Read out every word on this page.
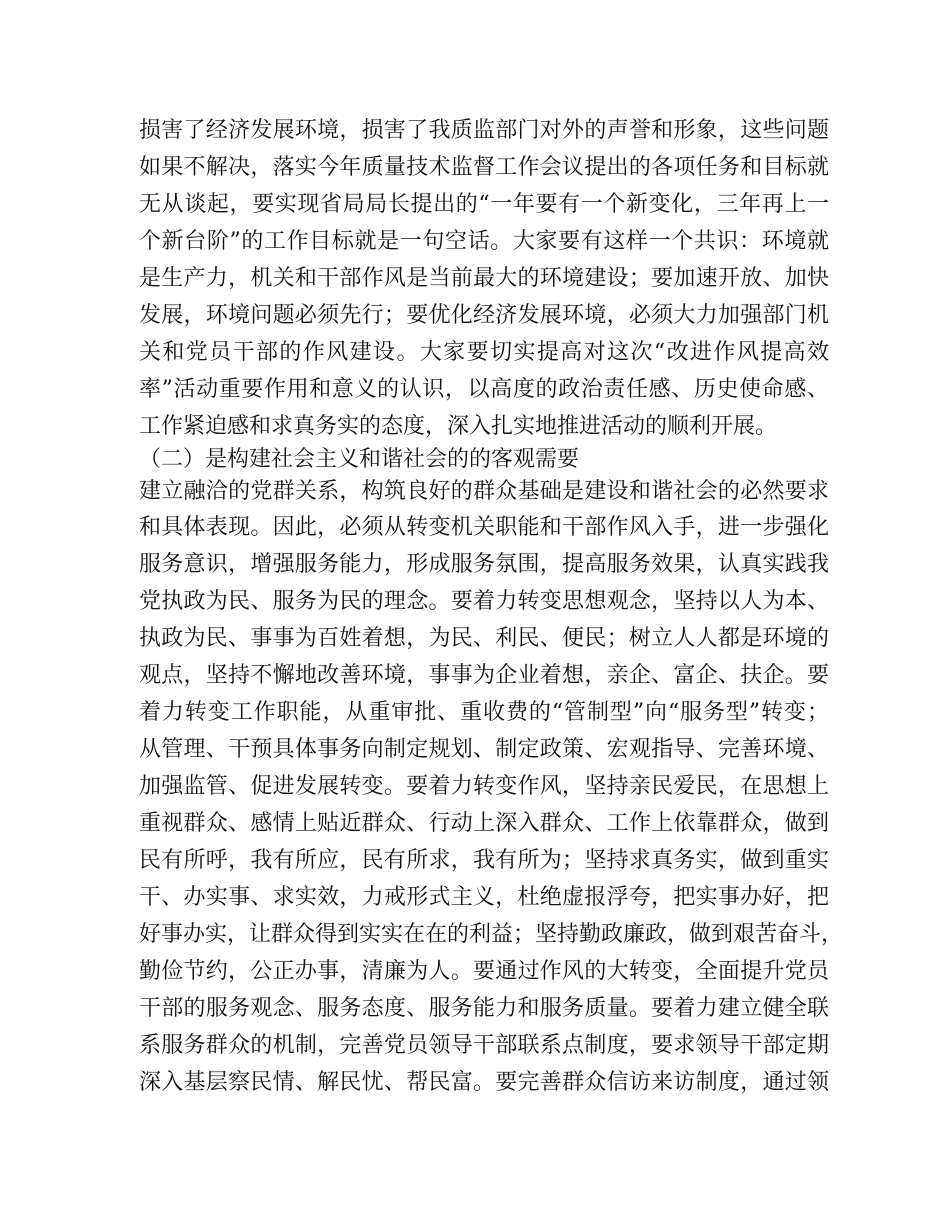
损害了经济发展环境，损害了我质监部门对外的声誉和形象，这些问题
如果不解决，落实今年质量技术监督工作会议提出的各项任务和目标就
无从谈起，要实现省局局长提出的“一年要有一个新变化，三年再上一
个新台阶”的工作目标就是一句空话。大家要有这样一个共识：环境就
是生产力，机关和干部作风是当前最大的环境建设；要加速开放、加快
发展，环境问题必须先行；要优化经济发展环境，必须大力加强部门机
关和党员干部的作风建设。大家要切实提高对这次“改进作风提高效
率”活动重要作用和意义的认识，以高度的政治责任感、历史使命感、
工作紧迫感和求真务实的态度，深入扎实地推进活动的顺利开展。
（二）是构建社会主义和谐社会的的客观需要
建立融洽的党群关系，构筑良好的群众基础是建设和谐社会的必然要求
和具体表现。因此，必须从转变机关职能和干部作风入手，进一步强化
服务意识，增强服务能力，形成服务氛围，提高服务效果，认真实践我
党执政为民、服务为民的理念。要着力转变思想观念，坚持以人为本、
执政为民、事事为百姓着想，为民、利民、便民；树立人人都是环境的
观点，坚持不懈地改善环境，事事为企业着想，亲企、富企、扶企。要
着力转变工作职能，从重审批、重收费的“管制型”向“服务型”转变；
从管理、干预具体事务向制定规划、制定政策、宏观指导、完善环境、
加强监管、促进发展转变。要着力转变作风，坚持亲民爱民，在思想上
重视群众、感情上贴近群众、行动上深入群众、工作上依靠群众，做到
民有所呼，我有所应，民有所求，我有所为；坚持求真务实，做到重实
干、办实事、求实效，力戒形式主义，杜绝虚报浮夸，把实事办好，把
好事办实，让群众得到实实在在的利益；坚持勤政廉政，做到艰苦奋斗，
勤俭节约，公正办事，清廉为人。要通过作风的大转变，全面提升党员
干部的服务观念、服务态度、服务能力和服务质量。要着力建立健全联
系服务群众的机制，完善党员领导干部联系点制度，要求领导干部定期
深入基层察民情、解民忧、帮民富。要完善群众信访来访制度，通过领
